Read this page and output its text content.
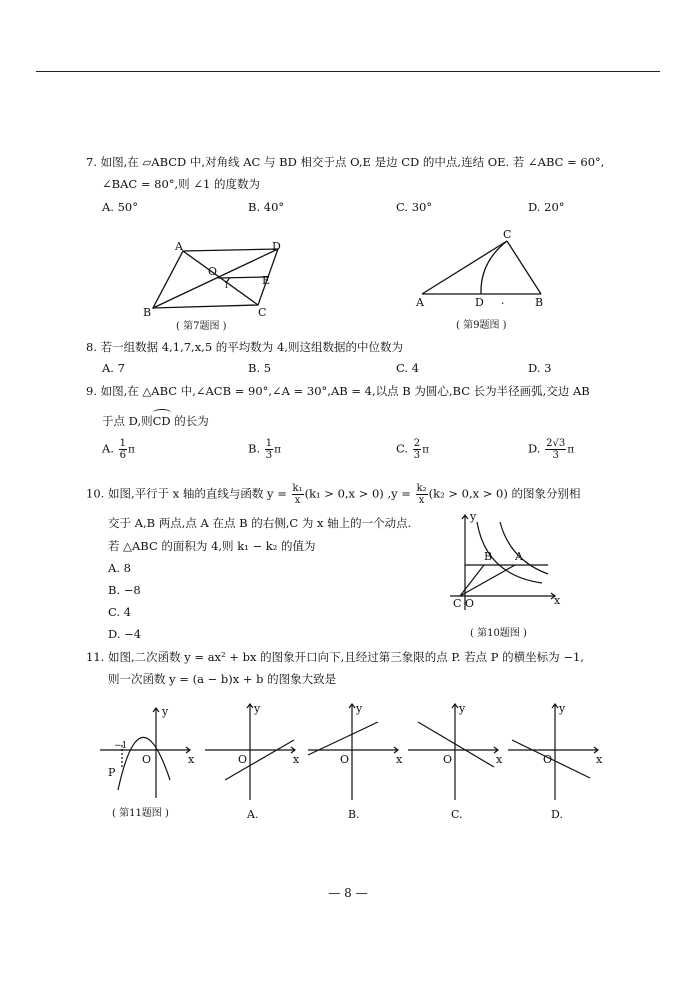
7. 如图,在 ▱ABCD 中,对角线 AC 与 BD 相交于点 O,E 是边 CD 的中点,连结 OE. 若 ∠ABC = 60°,
∠BAC = 80°,则 ∠1 的度数为
A. 50°	B. 40°	C. 30°	D. 20°
A	D
O
E
1
B	C
( 第7题图 )
C
A	D .	B
( 第9题图 )
8. 若一组数据 4,1,7,x,5 的平均数为 4,则这组数据的中位数为
A. 7	B. 5	C. 4	D. 3
9. 如图,在 △ABC 中,∠ACB = 90°,∠A = 30°,AB = 4,以点 B 为圆心,BC 长为半径画弧,交边 AB
于点 D,则
CD 的长为
A. $\frac{1}{6}$ π	B. $\frac{1}{3}$ π	C. $\frac{2}{3}$ π	D. $\frac{2√3}{3}$ π
10. 如图,平行于 x 轴的直线与函数 $y = \frac{\text{k₁}}{x} (k_1 > 0,x > 0) ,y = \frac{\text{k₂}}{x} (k_2 > 0,x > 0)$ 的图象分别相
交于 A,B 两点,点 A 在点 B 的右侧,C 为 x 轴上的一个动点.
若 △ABC 的面积为 4,则 k₁ − k₂ 的值为
A. 8
B. −8
C. 4
D. −4
y
x
B A
C O
( 第10题图 )
11. 如图,二次函数 y = ax² + bx 的图象开口向下,且经过第三象限的点 P. 若点 P 的横坐标为 −1,
则一次函数 y = (a − b)x + b 的图象大致是
y
x
−1
O
P
( 第11题图 )
y
x
O
A.
y
x
O
B.
y
x
O
C.
y
x
O
D.
— 8 —
